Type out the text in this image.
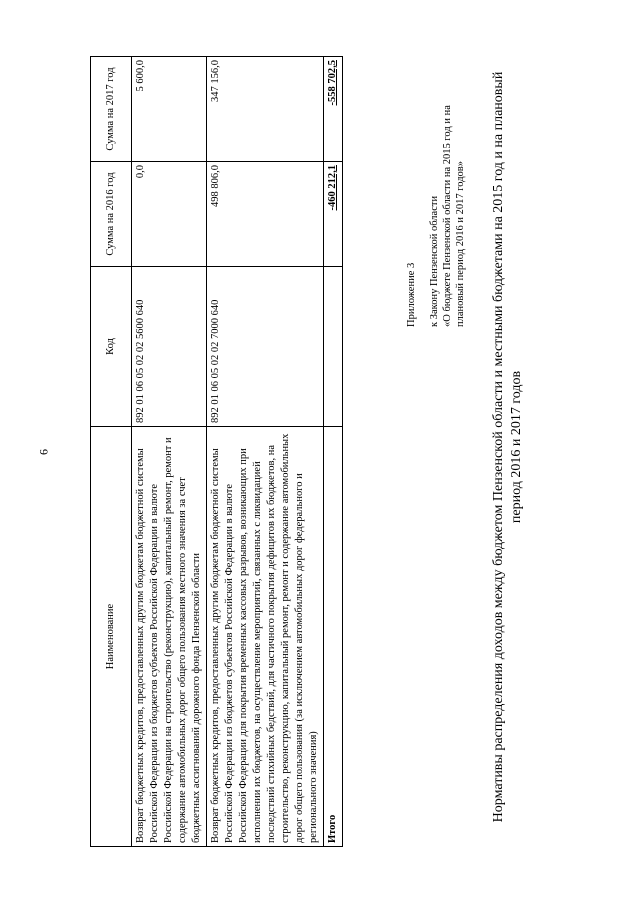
6
Наименование	Код	Сумма на 2016 год	Сумма на 2017 год
Возврат бюджетных кредитов, предоставленных другим бюджетам бюджетной системы Российской Федерации из бюджетов субъектов Российской Федерации в валюте Российской Федерации на строительство (реконструкцию), капитальный ремонт, ремонт и содержание автомобильных дорог общего пользования местного значения за счет бюджетных ассигнований дорожного фонда Пензенской области	892 01 06 05 02 02 5600 640	0,0	5 600,0
Возврат бюджетных кредитов, предоставленных другим бюджетам бюджетной системы Российской Федерации из бюджетов субъектов Российской Федерации в валюте Российской Федерации для покрытия временных кассовых разрывов, возникающих при исполнении их бюджетов, на осуществление мероприятий, связанных с ликвидацией последствий стихийных бедствий, для частичного покрытия дефицитов их бюджетов, на строительство, реконструкцию, капитальный ремонт, ремонт и содержание автомобильных дорог общего пользования (за исключением автомобильных дорог федерального и регионального значения)	892 01 06 05 02 02 7000 640	498 806,0	347 156,0
Итого		-460 212,1	-558 702,5
Приложение 3 к Закону Пензенской области «О бюджете Пензенской области на 2015 год и на плановый период 2016 и 2017 годов» Нормативы распределения доходов между бюджетом Пензенской области и местными бюджетами на 2015 год и на плановый период 2016 и 2017 годов
